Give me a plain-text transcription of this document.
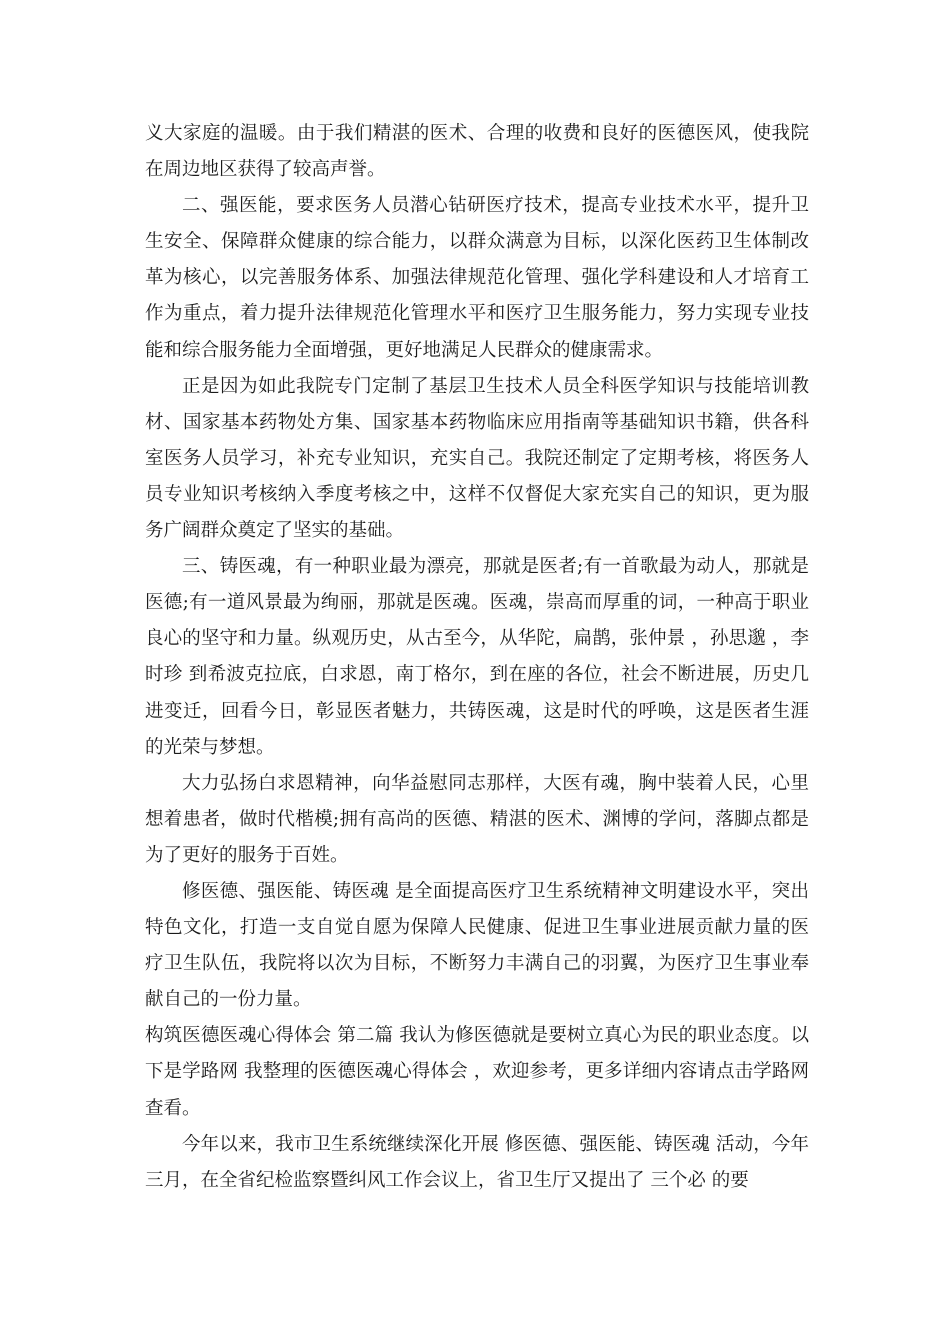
义大家庭的温暖。由于我们精湛的医术、合理的收费和良好的医德医风，使我院在周边地区获得了较高声誉。

二、强医能，要求医务人员潜心钻研医疗技术，提高专业技术水平，提升卫生安全、保障群众健康的综合能力，以群众满意为目标，以深化医药卫生体制改革为核心，以完善服务体系、加强法律规范化管理、强化学科建设和人才培育工作为重点，着力提升法律规范化管理水平和医疗卫生服务能力，努力实现专业技能和综合服务能力全面增强，更好地满足人民群众的健康需求。

正是因为如此我院专门定制了基层卫生技术人员全科医学知识与技能培训教材、国家基本药物处方集、国家基本药物临床应用指南等基础知识书籍，供各科室医务人员学习，补充专业知识，充实自己。我院还制定了定期考核，将医务人员专业知识考核纳入季度考核之中，这样不仅督促大家充实自己的知识，更为服务广阔群众奠定了坚实的基础。

三、铸医魂，有一种职业最为漂亮，那就是医者;有一首歌最为动人，那就是医德;有一道风景最为绚丽，那就是医魂。医魂，崇高而厚重的词，一种高于职业良心的坚守和力量。纵观历史，从古至今，从华陀，扁鹊，张仲景 ，孙思邈 ，李时珍 到希波克拉底，白求恩，南丁格尔，到在座的各位，社会不断进展，历史几进变迁，回看今日，彰显医者魅力，共铸医魂，这是时代的呼唤，这是医者生涯的光荣与梦想。

大力弘扬白求恩精神，向华益慰同志那样，大医有魂，胸中装着人民，心里想着患者，做时代楷模;拥有高尚的医德、精湛的医术、渊博的学问，落脚点都是为了更好的服务于百姓。

修医德、强医能、铸医魂 是全面提高医疗卫生系统精神文明建设水平，突出特色文化，打造一支自觉自愿为保障人民健康、促进卫生事业进展贡献力量的医疗卫生队伍，我院将以次为目标，不断努力丰满自己的羽翼，为医疗卫生事业奉献自己的一份力量。

构筑医德医魂心得体会 第二篇 我认为修医德就是要树立真心为民的职业态度。以下是学路网 我整理的医德医魂心得体会 ，欢迎参考，更多详细内容请点击学路网查看。

今年以来，我市卫生系统继续深化开展 修医德、强医能、铸医魂 活动，今年三月，在全省纪检监察暨纠风工作会议上，省卫生厅又提出了 三个必 的要
